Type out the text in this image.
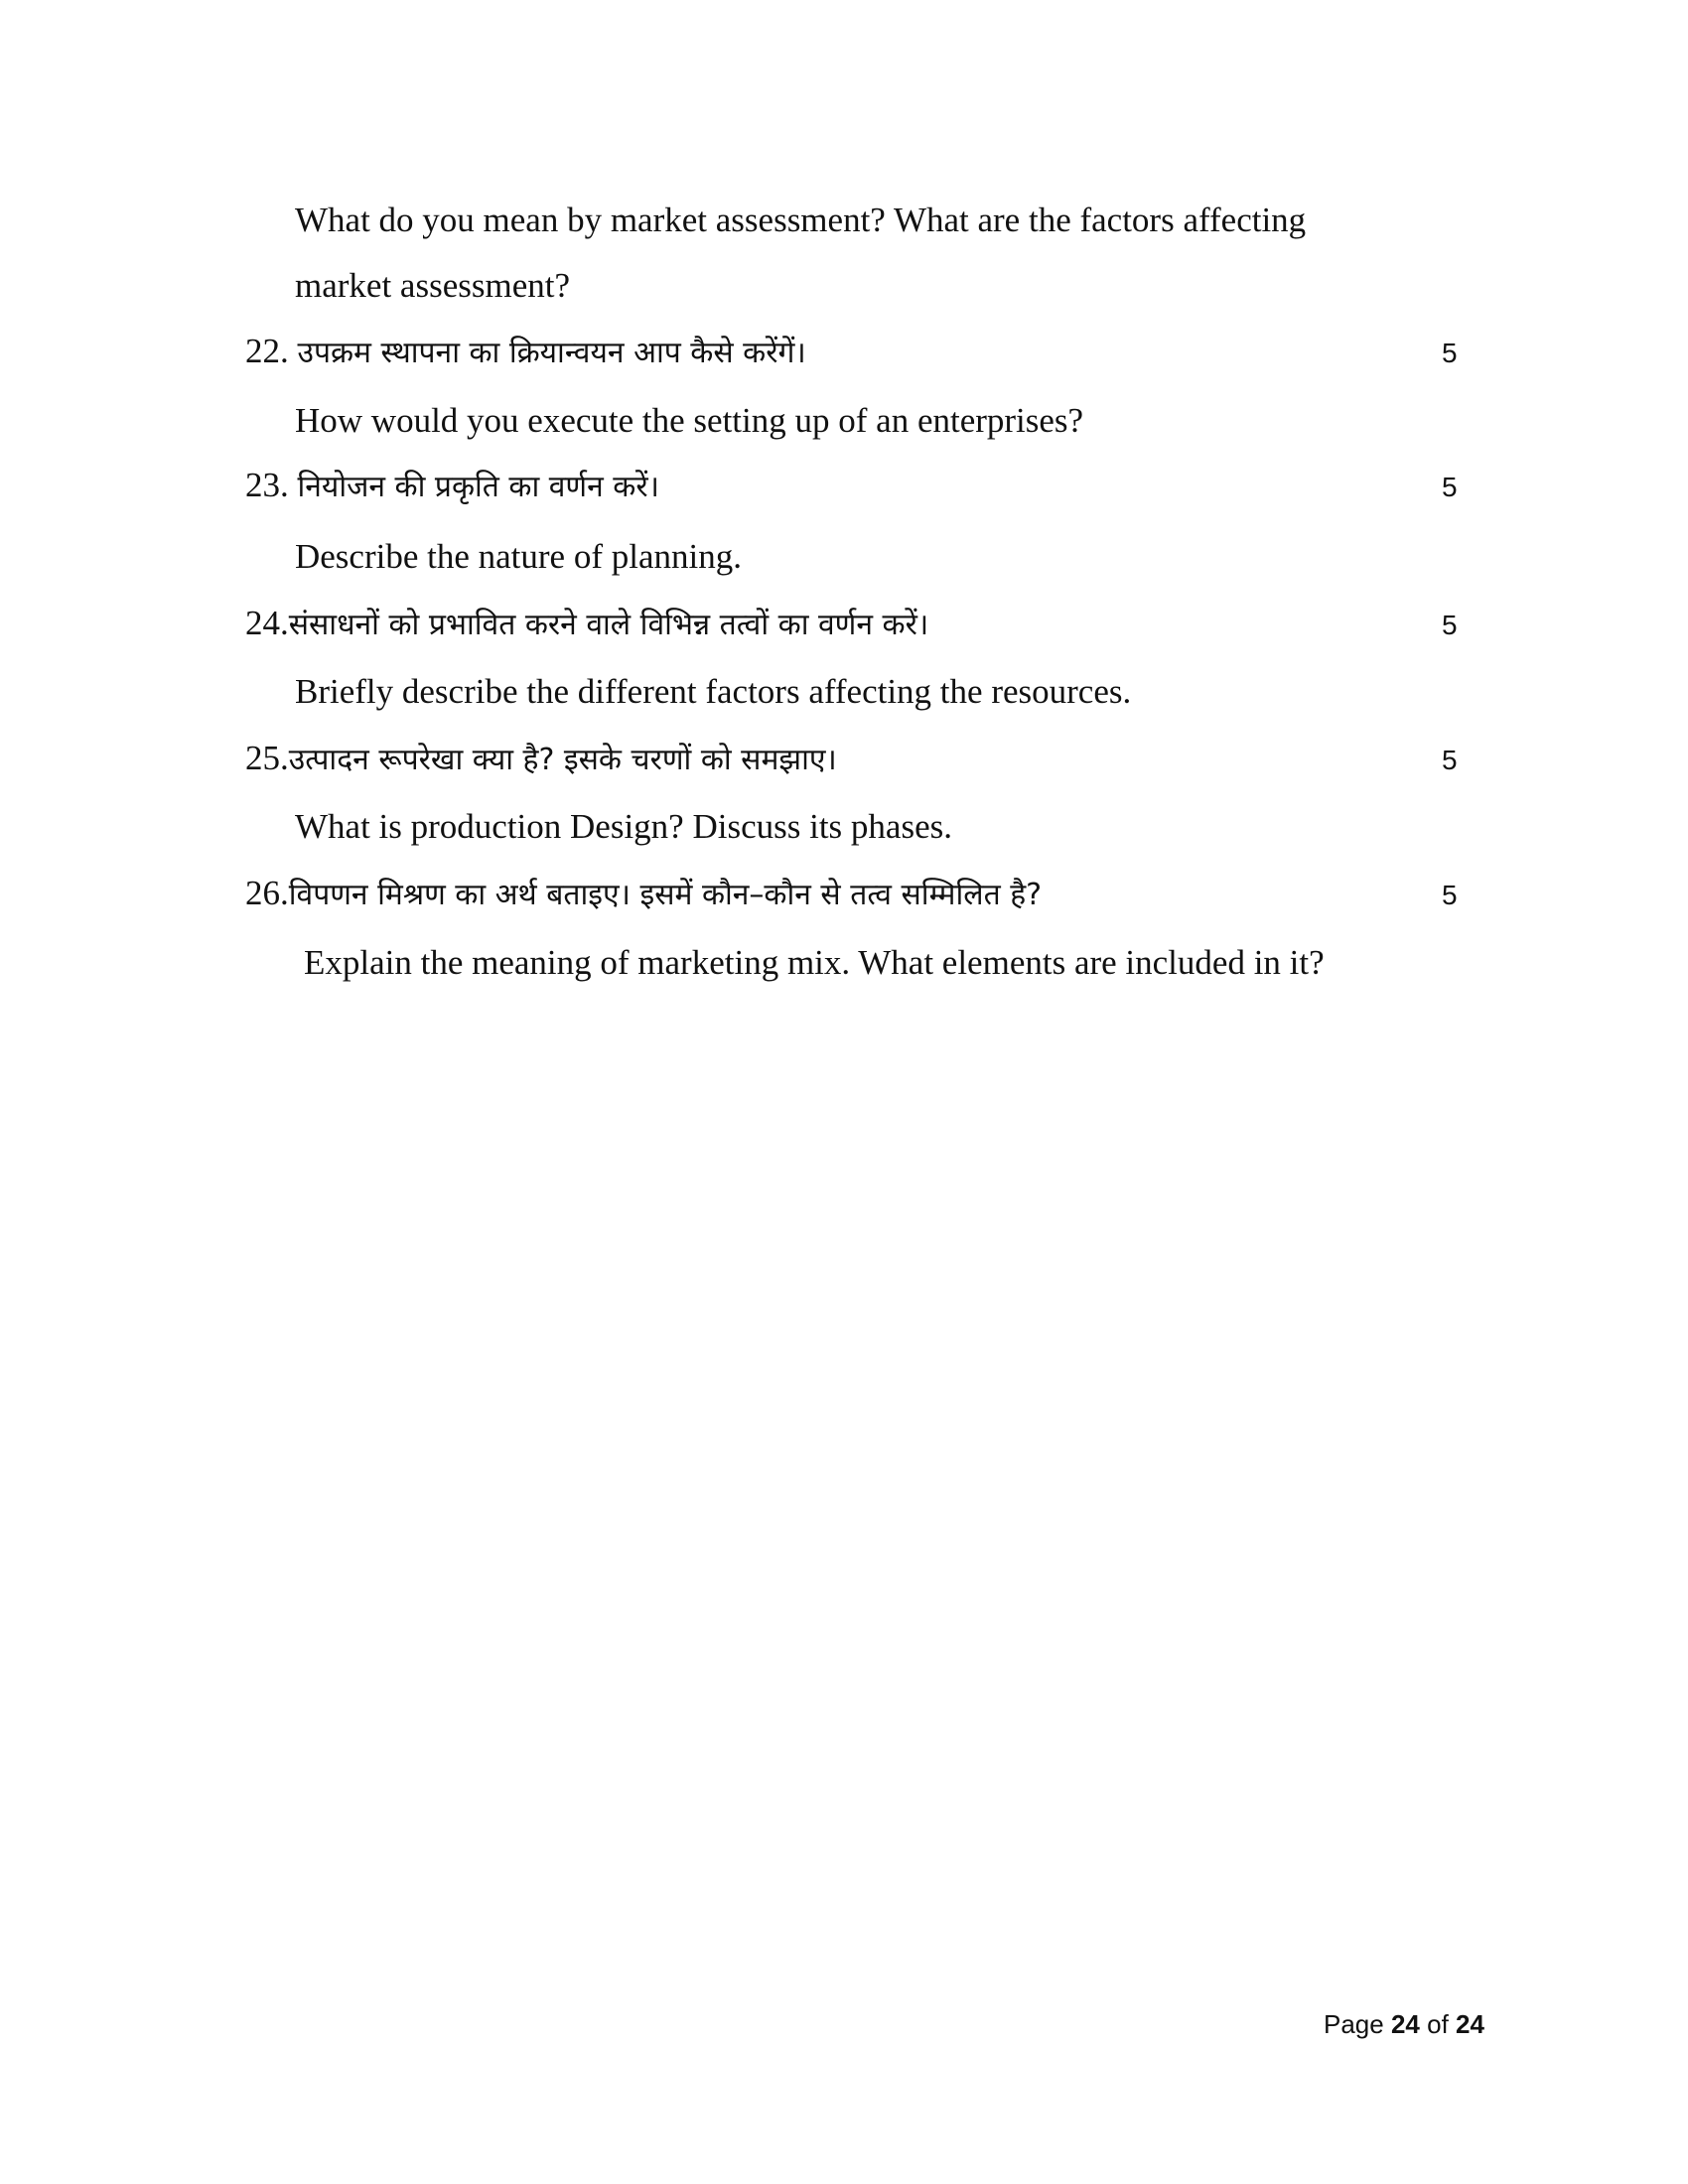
What do you mean by market assessment? What are the factors affecting
market assessment?
22. उपक्रम स्थापना का क्रियान्वयन आप कैसे करेंगें।	5
How would you execute the setting up of an enterprises?
23. नियोजन की प्रकृति का वर्णन करें।	5
Describe the nature of planning.
24.संसाधनों को प्रभावित करने वाले विभिन्न तत्वों का वर्णन करें।	5
Briefly describe the different factors affecting the resources.
25.उत्पादन रूपरेखा क्या है? इसके चरणों को समझाए।	5
What is production Design? Discuss its phases.
26.विपणन मिश्रण का अर्थ बताइए। इसमें कौन–कौन से तत्व सम्मिलित है?	5
Explain the meaning of marketing mix. What elements are included in it?
Page 24 of 24
